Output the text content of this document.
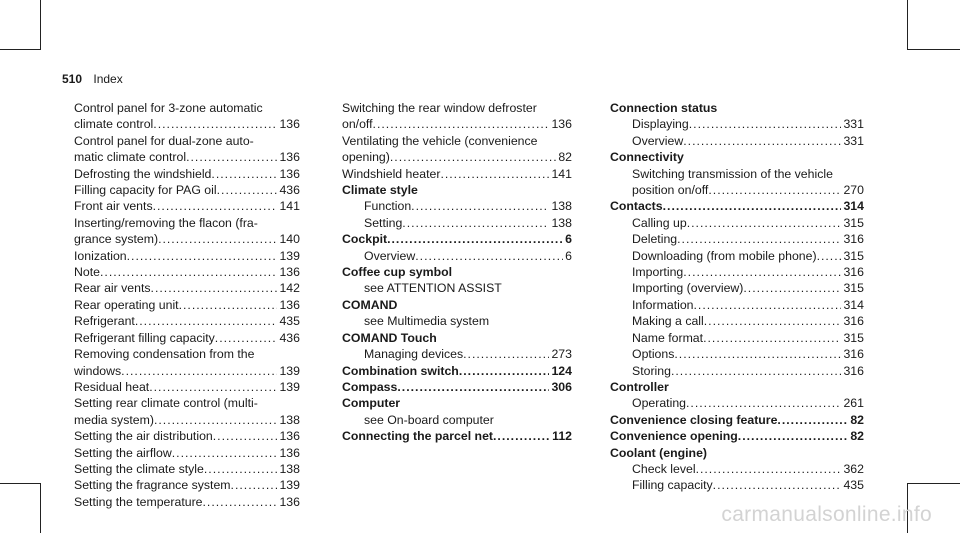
510 Index
Control panel for 3-zone automatic
climate control .....	136
Control panel for dual-zone auto-
matic climate control .....	136
Defrosting the windshield .....	136
Filling capacity for PAG oil .....	436
Front air vents .....	141
Inserting/removing the flacon (fra-
grance system) .....	140
Ionization .....	139
Note .....	136
Rear air vents .....	142
Rear operating unit .....	136
Refrigerant .....	435
Refrigerant filling capacity .....	436
Removing condensation from the
windows .....	139
Residual heat .....	139
Setting rear climate control (multi-
media system) .....	138
Setting the air distribution .....	136
Setting the airflow .....	136
Setting the climate style .....	138
Setting the fragrance system .....	139
Setting the temperature .....	136
Switching the rear window defroster
on/off .....	136
Ventilating the vehicle (convenience
opening) .....	82
Windshield heater .....	141
Climate style
Function .....	138
Setting .....	138
Cockpit .....	6
Overview .....	6
Coffee cup symbol
see ATTENTION ASSIST
COMAND
see Multimedia system
COMAND Touch
Managing devices .....	273
Combination switch .....	124
Compass .....	306
Computer
see On-board computer
Connecting the parcel net .....	112
Connection status
Displaying .....	331
Overview .....	331
Connectivity
Switching transmission of the vehicle
position on/off .....	270
Contacts .....	314
Calling up .....	315
Deleting .....	316
Downloading (from mobile phone) ..... 315
Importing .....	316
Importing (overview) .....	315
Information .....	314
Making a call .....	316
Name format .....	315
Options .....	316
Storing .....	316
Controller
Operating .....	261
Convenience closing feature .....	82
Convenience opening .....	82
Coolant (engine)
Check level .....	362
Filling capacity .....	435
carmanualsonline.info
